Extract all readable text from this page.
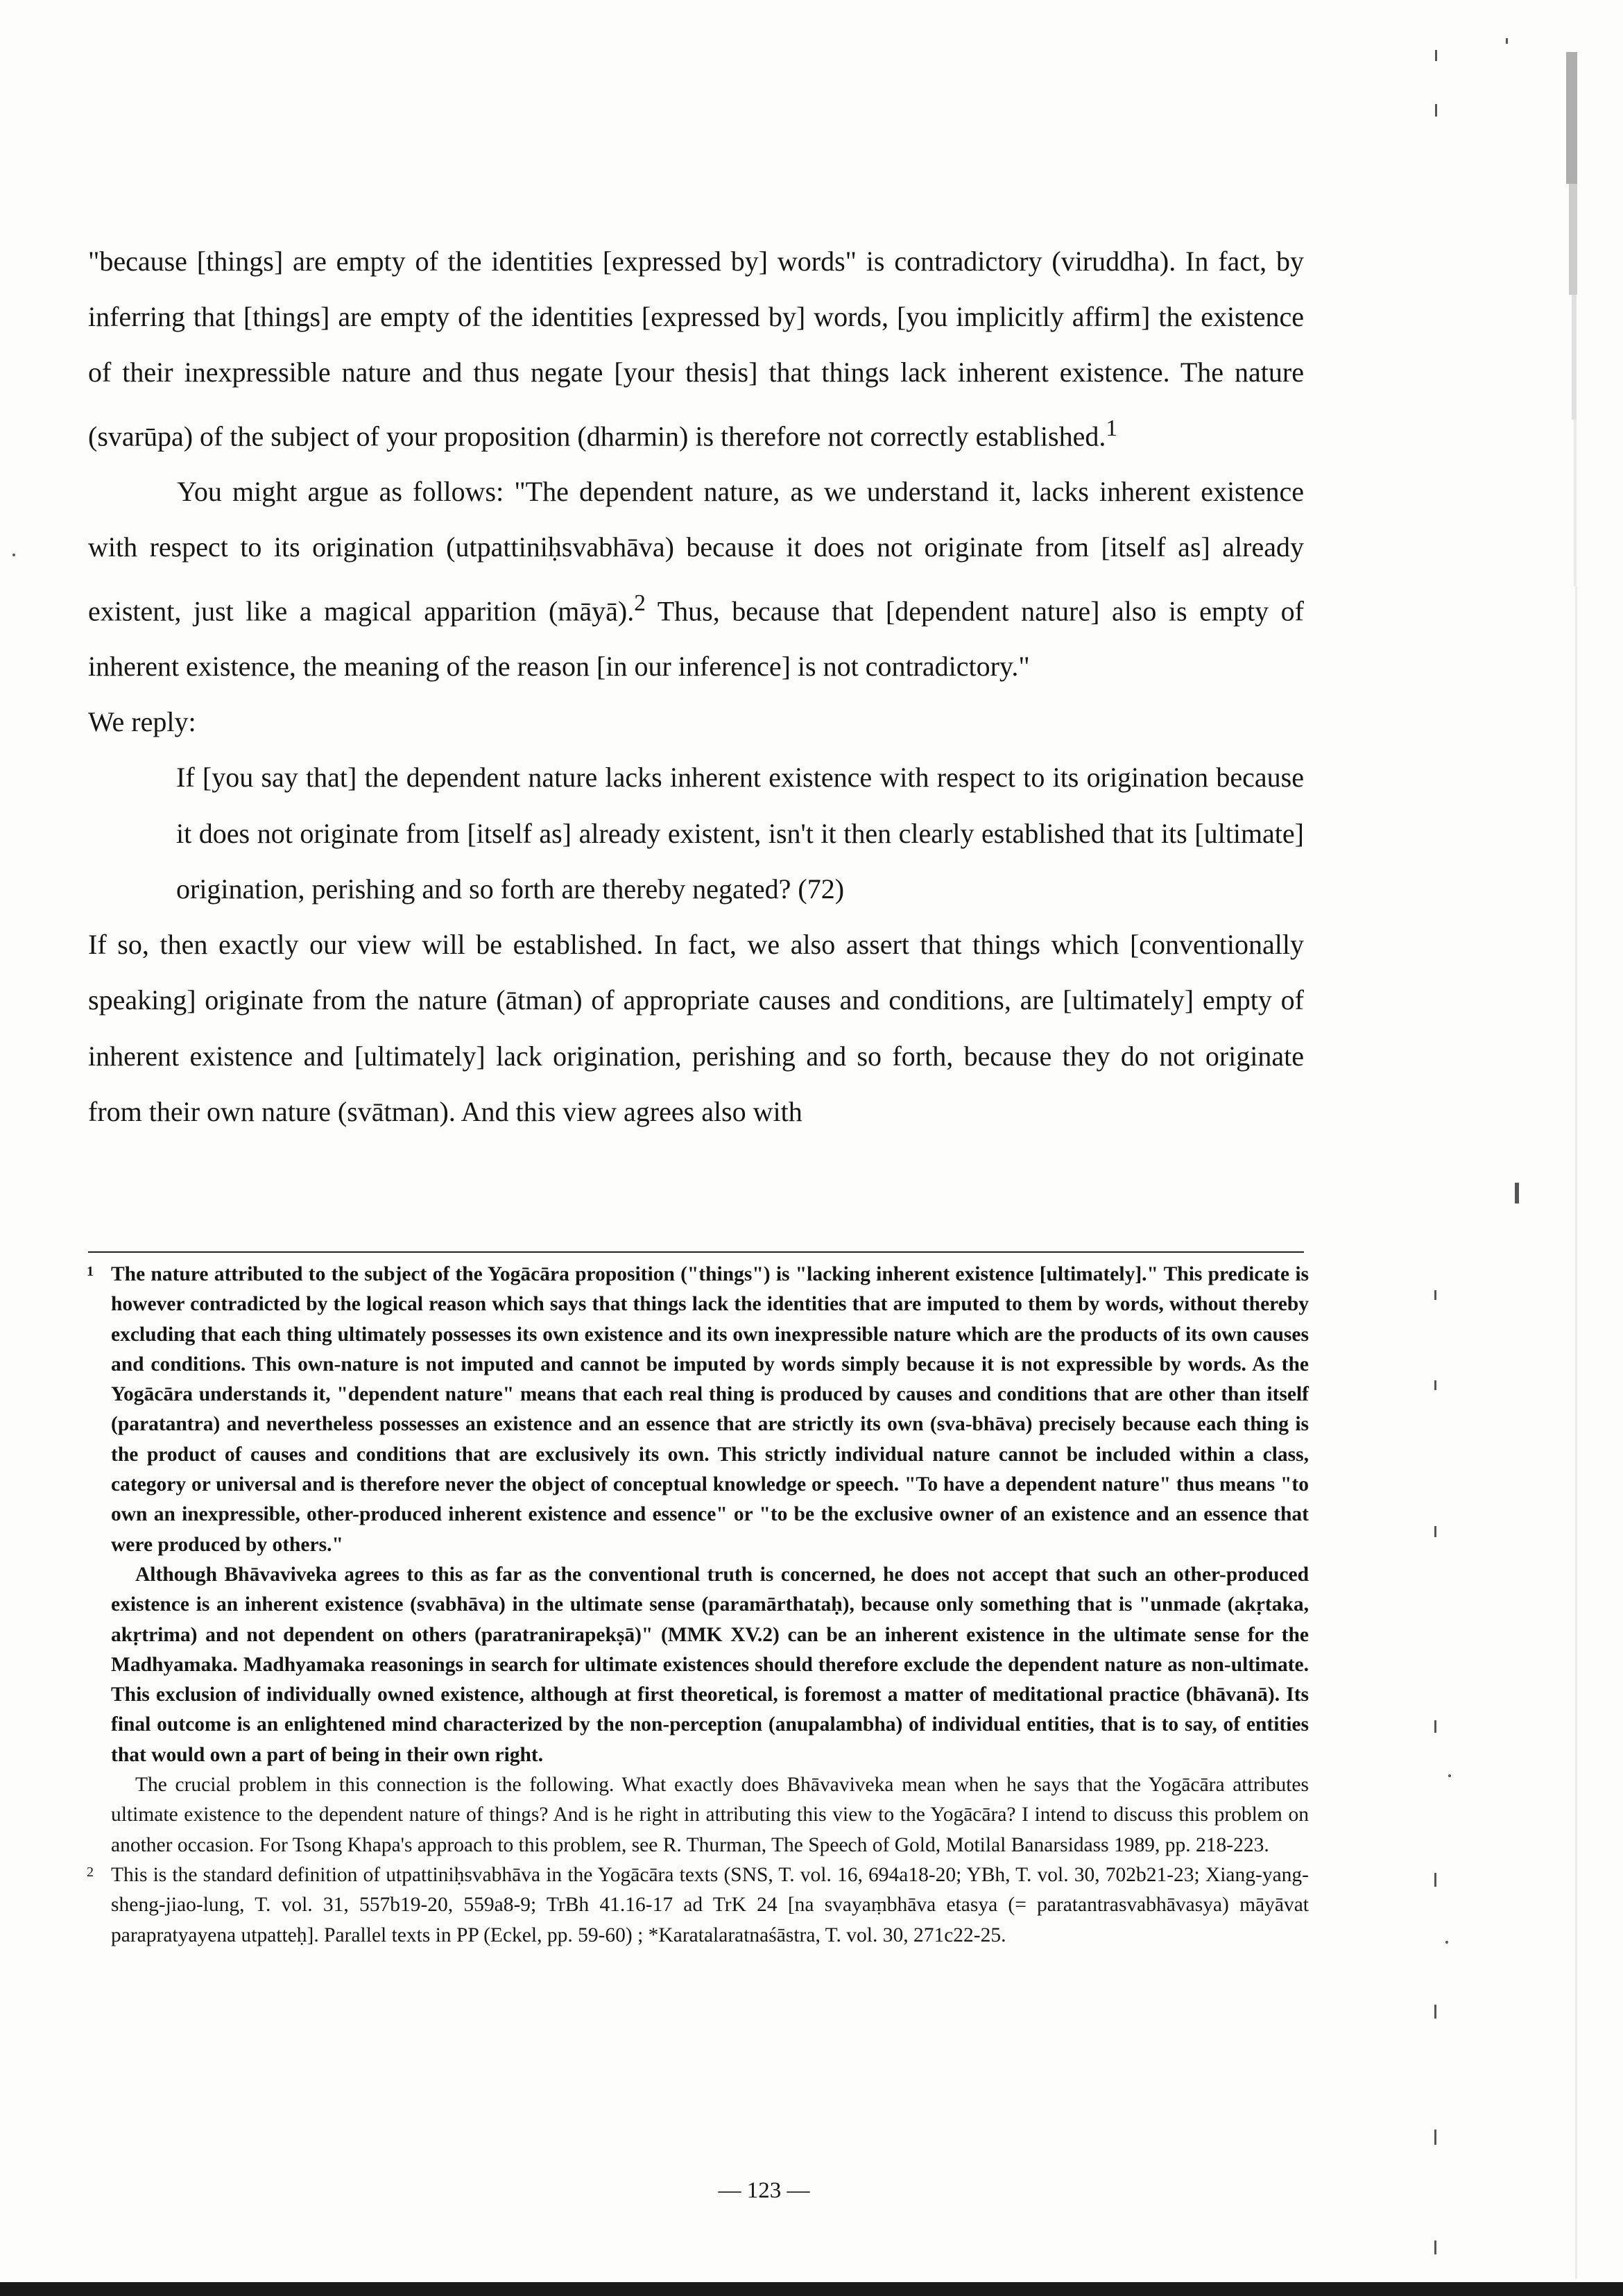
"because [things] are empty of the identities [expressed by] words" is contradictory (viruddha). In fact, by inferring that [things] are empty of the identities [expressed by] words, [you implicitly affirm] the existence of their inexpressible nature and thus negate [your thesis] that things lack inherent existence. The nature (svarūpa) of the subject of your proposition (dharmin) is therefore not correctly established.$^1$

You might argue as follows: "The dependent nature, as we understand it, lacks inherent existence with respect to its origination (utpattiniḥsvabhāva) because it does not originate from [itself as] already existent, just like a magical apparition (māyā).$^2$ Thus, because that [dependent nature] also is empty of inherent existence, the meaning of the reason [in our inference] is not contradictory."

We reply:

If [you say that] the dependent nature lacks inherent existence with respect to its origination because it does not originate from [itself as] already existent, isn't it then clearly established that its [ultimate] origination, perishing and so forth are thereby negated? (72)

If so, then exactly our view will be established. In fact, we also assert that things which [conventionally speaking] originate from the nature (ātman) of appropriate causes and conditions, are [ultimately] empty of inherent existence and [ultimately] lack origination, perishing and so forth, because they do not originate from their own nature (svātman). And this view agrees also with

1 The nature attributed to the subject of the Yogācāra proposition ("things") is "lacking inherent existence [ultimately]." This predicate is however contradicted by the logical reason which says that things lack the identities that are imputed to them by words, without thereby excluding that each thing ultimately possesses its own existence and its own inexpressible nature which are the products of its own causes and conditions. This own-nature is not imputed and cannot be imputed by words simply because it is not expressible by words. As the Yogācāra understands it, "dependent nature" means that each real thing is produced by causes and conditions that are other than itself (paratantra) and nevertheless possesses an existence and an essence that are strictly its own (sva-bhāva) precisely because each thing is the product of causes and conditions that are exclusively its own. This strictly individual nature cannot be included within a class, category or universal and is therefore never the object of conceptual knowledge or speech. "To have a dependent nature" thus means "to own an inexpressible, other-produced inherent existence and essence" or "to be the exclusive owner of an existence and an essence that were produced by others."

Although Bhāvaviveka agrees to this as far as the conventional truth is concerned, he does not accept that such an other-produced existence is an inherent existence (svabhāva) in the ultimate sense (paramārthataḥ), because only something that is "unmade (akṛtaka, akṛtrima) and not dependent on others (paratranirapekṣā)" (MMK XV.2) can be an inherent existence in the ultimate sense for the Madhyamaka. Madhyamaka reasonings in search for ultimate existences should therefore exclude the dependent nature as non-ultimate. This exclusion of individually owned existence, although at first theoretical, is foremost a matter of meditational practice (bhāvanā). Its final outcome is an enlightened mind characterized by the non-perception (anupalambha) of individual entities, that is to say, of entities that would own a part of being in their own right.

The crucial problem in this connection is the following. What exactly does Bhāvaviveka mean when he says that the Yogācāra attributes ultimate existence to the dependent nature of things? And is he right in attributing this view to the Yogācāra? I intend to discuss this problem on another occasion. For Tsong Khapa's approach to this problem, see R. Thurman, The Speech of Gold, Motilal Banarsidass 1989, pp. 218-223.

2 This is the standard definition of utpattiniḥsvabhāva in the Yogācāra texts (SNS, T. vol. 16, 694a18-20; YBh, T. vol. 30, 702b21-23; Xiang-yang-sheng-jiao-lung, T. vol. 31, 557b19-20, 559a8-9; TrBh 41.16-17 ad TrK 24 [na svayaṃbhāva etasya (= paratantrasvabhāvasya) māyāvat parapratyayena utpatteḥ]. Parallel texts in PP (Eckel, pp. 59-60) ; *Karatalaratnaśāstra, T. vol. 30, 271c22-25.

— 123 —
